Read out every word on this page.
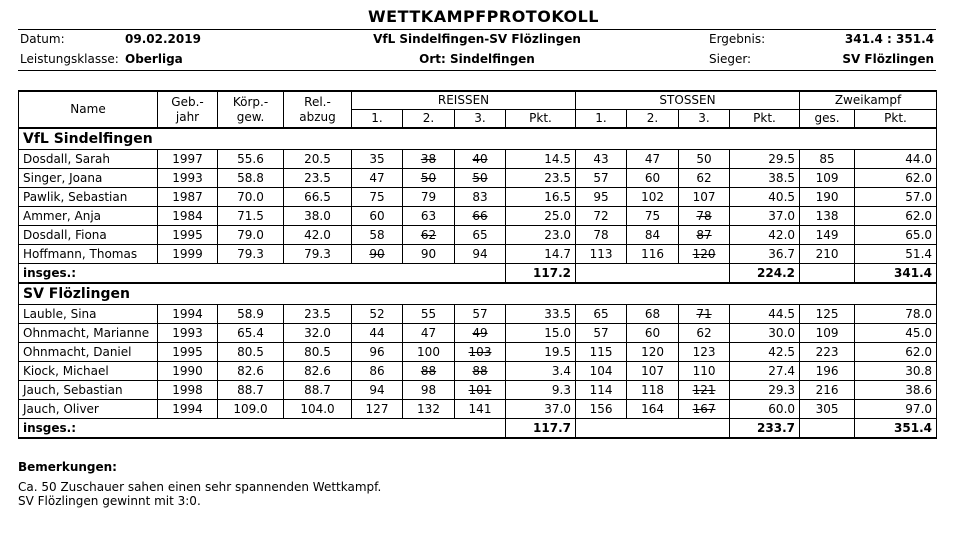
WETTKAMPFPROTOKOLL
Datum:	09.02.2019	VfL Sindelfingen-SV Flözlingen	Ergebnis:	341.4 : 351.4
Leistungsklasse: Oberliga	Ort: Sindelfingen	Sieger:	SV Flözlingen
Name	Geb.-jahr	Körp.-gew.	Rel.-abzug	REISSEN				STOSSEN				Zweikampf	
				1.	2.	3.	Pkt.	1.	2.	3.	Pkt.	ges.	Pkt.
VfL Sindelfingen													
Dosdall, Sarah	1997	55.6	20.5	35	38	40	14.5	43	47	50	29.5	85	44.0
Singer, Joana	1993	58.8	23.5	47	50	50	23.5	57	60	62	38.5	109	62.0
Pawlik, Sebastian	1987	70.0	66.5	75	79	83	16.5	95	102	107	40.5	190	57.0
Ammer, Anja	1984	71.5	38.0	60	63	66	25.0	72	75	78	37.0	138	62.0
Dosdall, Fiona	1995	79.0	42.0	58	62	65	23.0	78	84	87	42.0	149	65.0
Hoffmann, Thomas	1999	79.3	79.3	90	90	94	14.7	113	116	120	36.7	210	51.4
insges.:							117.2				224.2		341.4
SV Flözlingen													
Lauble, Sina	1994	58.9	23.5	52	55	57	33.5	65	68	71	44.5	125	78.0
Ohnmacht, Marianne	1993	65.4	32.0	44	47	49	15.0	57	60	62	30.0	109	45.0
Ohnmacht, Daniel	1995	80.5	80.5	96	100	103	19.5	115	120	123	42.5	223	62.0
Kiock, Michael	1990	82.6	82.6	86	88	88	3.4	104	107	110	27.4	196	30.8
Jauch, Sebastian	1998	88.7	88.7	94	98	101	9.3	114	118	121	29.3	216	38.6
Jauch, Oliver	1994	109.0	104.0	127	132	141	37.0	156	164	167	60.0	305	97.0
insges.:							117.7				233.7		351.4
Bemerkungen:
Ca. 50 Zuschauer sahen einen sehr spannenden Wettkampf.
SV Flözlingen gewinnt mit 3:0.
